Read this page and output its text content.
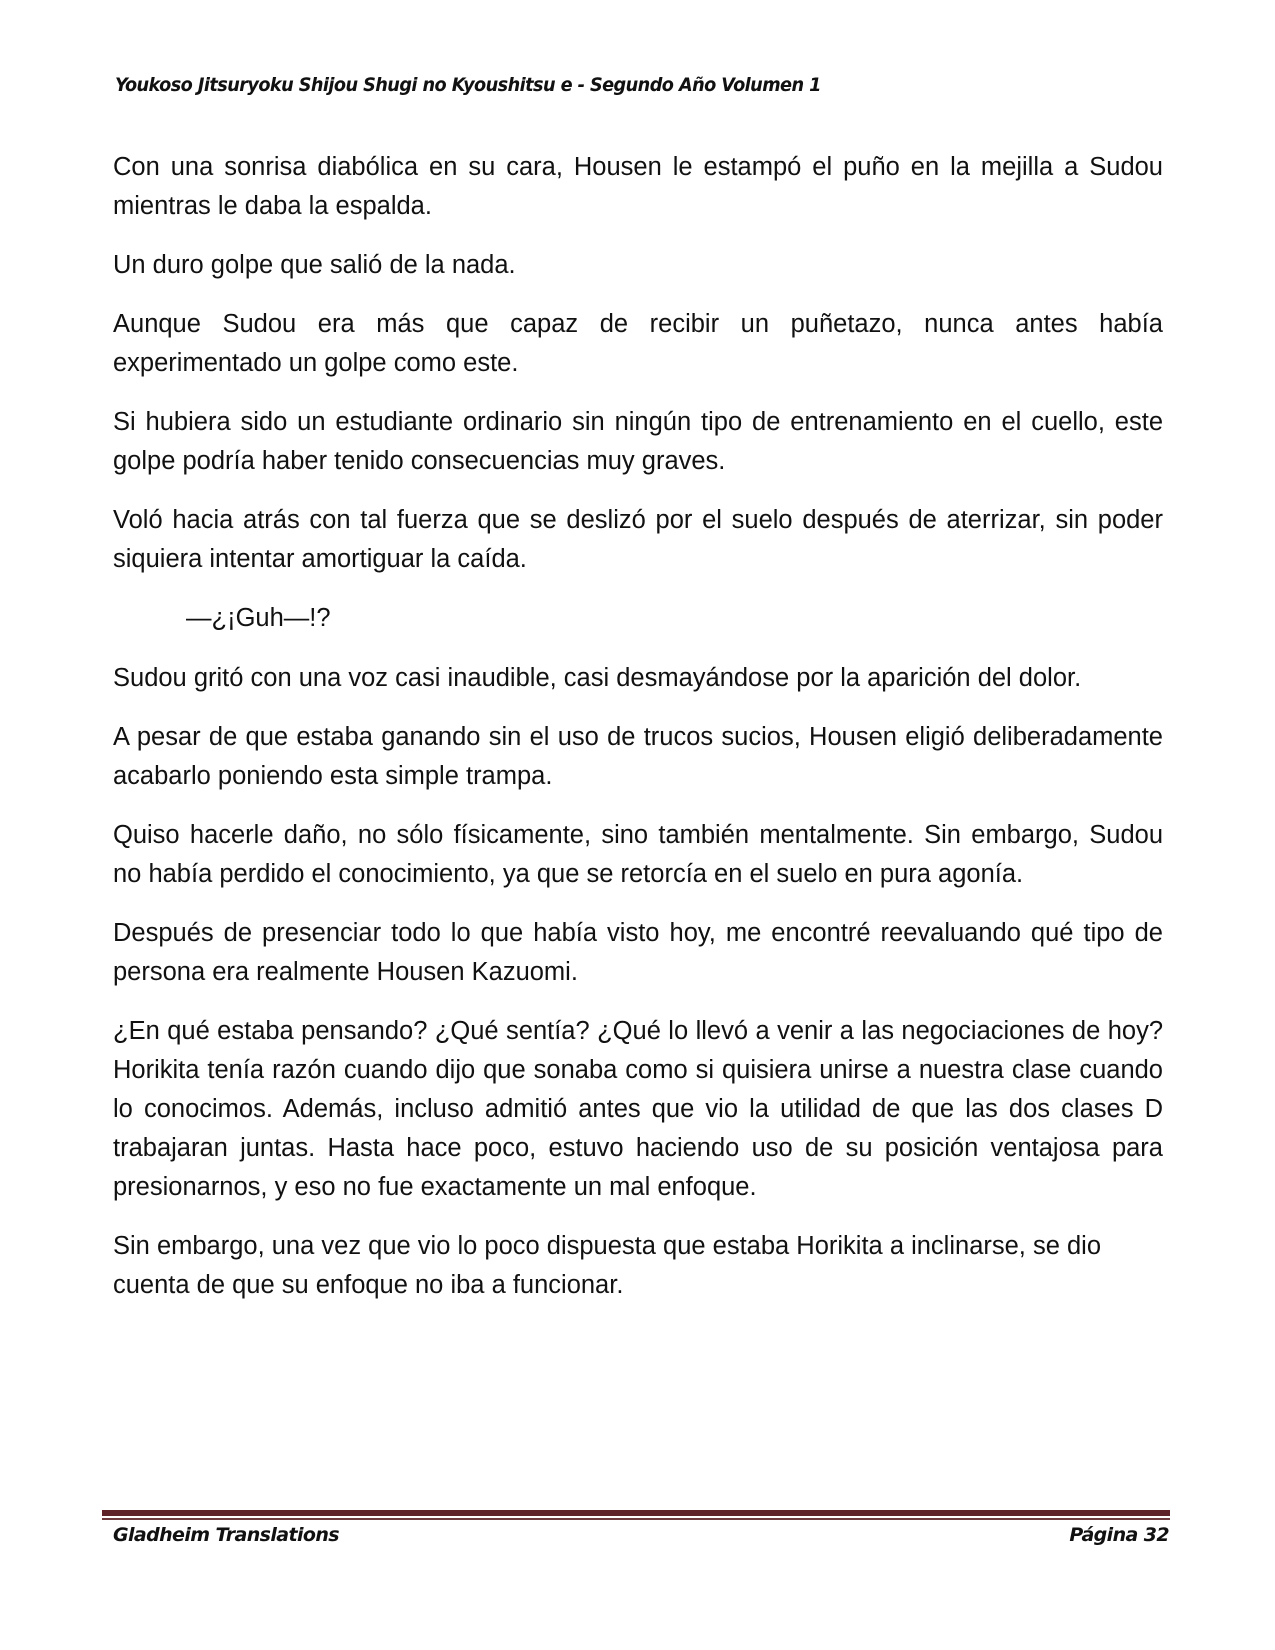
Youkoso Jitsuryoku Shijou Shugi no Kyoushitsu e - Segundo Año Volumen 1

Con una sonrisa diabólica en su cara, Housen le estampó el puño en la mejilla a Sudou mientras le daba la espalda.

Un duro golpe que salió de la nada.

Aunque Sudou era más que capaz de recibir un puñetazo, nunca antes había experimentado un golpe como este.

Si hubiera sido un estudiante ordinario sin ningún tipo de entrenamiento en el cuello, este golpe podría haber tenido consecuencias muy graves.

Voló hacia atrás con tal fuerza que se deslizó por el suelo después de aterrizar, sin poder siquiera intentar amortiguar la caída.

—¿¡Guh—!?

Sudou gritó con una voz casi inaudible, casi desmayándose por la aparición del dolor.

A pesar de que estaba ganando sin el uso de trucos sucios, Housen eligió deliberadamente acabarlo poniendo esta simple trampa.

Quiso hacerle daño, no sólo físicamente, sino también mentalmente. Sin embargo, Sudou no había perdido el conocimiento, ya que se retorcía en el suelo en pura agonía.

Después de presenciar todo lo que había visto hoy, me encontré reevaluando qué tipo de persona era realmente Housen Kazuomi.

¿En qué estaba pensando? ¿Qué sentía? ¿Qué lo llevó a venir a las negociaciones de hoy? Horikita tenía razón cuando dijo que sonaba como si quisiera unirse a nuestra clase cuando lo conocimos. Además, incluso admitió antes que vio la utilidad de que las dos clases D trabajaran juntas. Hasta hace poco, estuvo haciendo uso de su posición ventajosa para presionarnos, y eso no fue exactamente un mal enfoque.

Sin embargo, una vez que vio lo poco dispuesta que estaba Horikita a inclinarse, se dio cuenta de que su enfoque no iba a funcionar.

Gladheim Translations	Página 32
